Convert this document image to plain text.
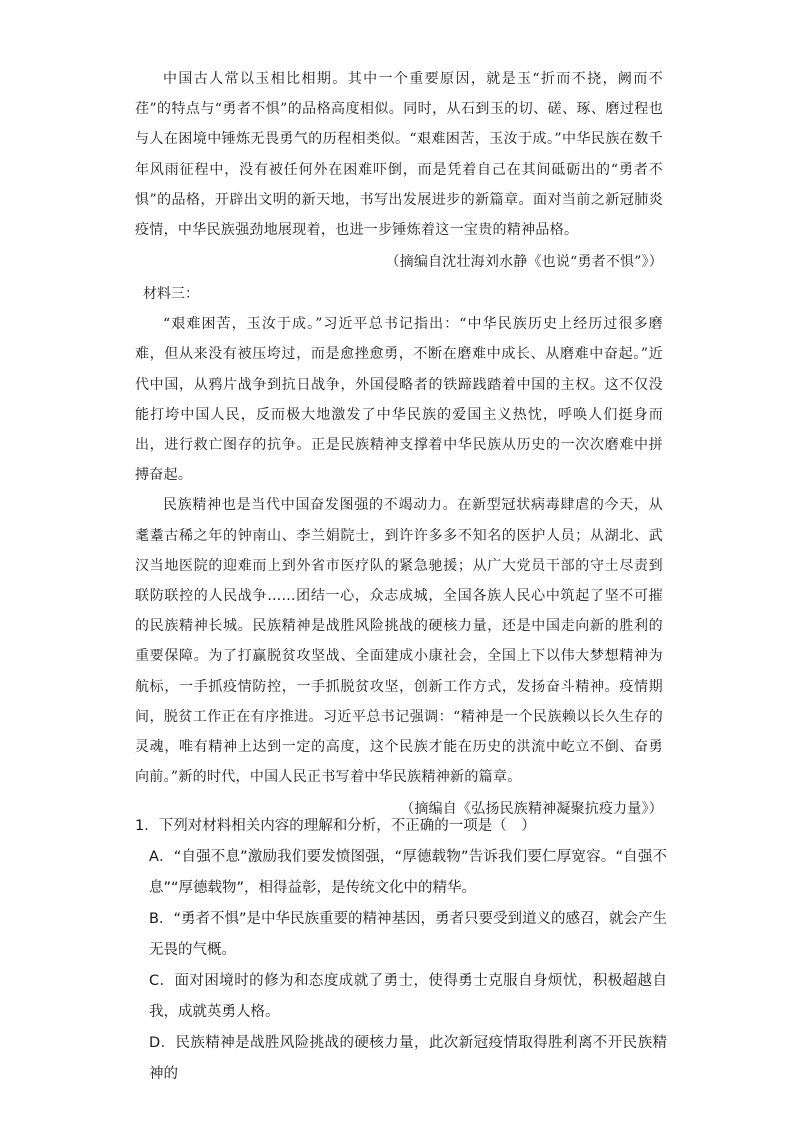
中国古人常以玉相比相期。其中一个重要原因，就是玉“折而不挠，阙而不荏”的特点与“勇者不惧”的品格高度相似。同时，从石到玉的切、磋、琢、磨过程也与人在困境中锤炼无畏勇气的历程相类似。“艰难困苦，玉汝于成。”中华民族在数千年风雨征程中，没有被任何外在困难吓倒，而是凭着自己在其间砥砺出的“勇者不惧”的品格，开辟出文明的新天地，书写出发展进步的新篇章。面对当前之新冠肺炎疫情，中华民族强劲地展现着，也进一步锤炼着这一宝贵的精神品格。

（摘编自沈壮海刘水静《也说“勇者不惧”》）

材料三：

“艰难困苦，玉汝于成。”习近平总书记指出：“中华民族历史上经历过很多磨难，但从来没有被压垮过，而是愈挫愈勇，不断在磨难中成长、从磨难中奋起。”近代中国，从鸦片战争到抗日战争，外国侵略者的铁蹄践踏着中国的主权。这不仅没能打垮中国人民，反而极大地激发了中华民族的爱国主义热忱，呼唤人们挺身而出，进行救亡图存的抗争。正是民族精神支撑着中华民族从历史的一次次磨难中拼搏奋起。

民族精神也是当代中国奋发图强的不竭动力。在新型冠状病毒肆虐的今天，从耄耋古稀之年的钟南山、李兰娟院士，到许许多多不知名的医护人员；从湖北、武汉当地医院的迎难而上到外省市医疗队的紧急驰援；从广大党员干部的守土尽责到联防联控的人民战争……团结一心，众志成城，全国各族人民心中筑起了坚不可摧的民族精神长城。民族精神是战胜风险挑战的硬核力量，还是中国走向新的胜利的重要保障。为了打赢脱贫攻坚战、全面建成小康社会，全国上下以伟大梦想精神为航标，一手抓疫情防控，一手抓脱贫攻坚，创新工作方式，发扬奋斗精神。疫情期间，脱贫工作正在有序推进。习近平总书记强调：“精神是一个民族赖以长久生存的灵魂，唯有精神上达到一定的高度，这个民族才能在历史的洪流中屹立不倒、奋勇向前。”新的时代，中国人民正书写着中华民族精神新的篇章。

（摘编自《弘扬民族精神凝聚抗疫力量》）

1．下列对材料相关内容的理解和分析，不正确的一项是（　）

A．“自强不息”激励我们要发愤图强，“厚德载物”告诉我们要仁厚宽容。“自强不息”“厚德载物”，相得益彰，是传统文化中的精华。

B．“勇者不惧”是中华民族重要的精神基因，勇者只要受到道义的感召，就会产生无畏的气概。

C．面对困境时的修为和态度成就了勇士，使得勇士克服自身烦忧，积极超越自我，成就英勇人格。

D．民族精神是战胜风险挑战的硬核力量，此次新冠疫情取得胜利离不开民族精神的
